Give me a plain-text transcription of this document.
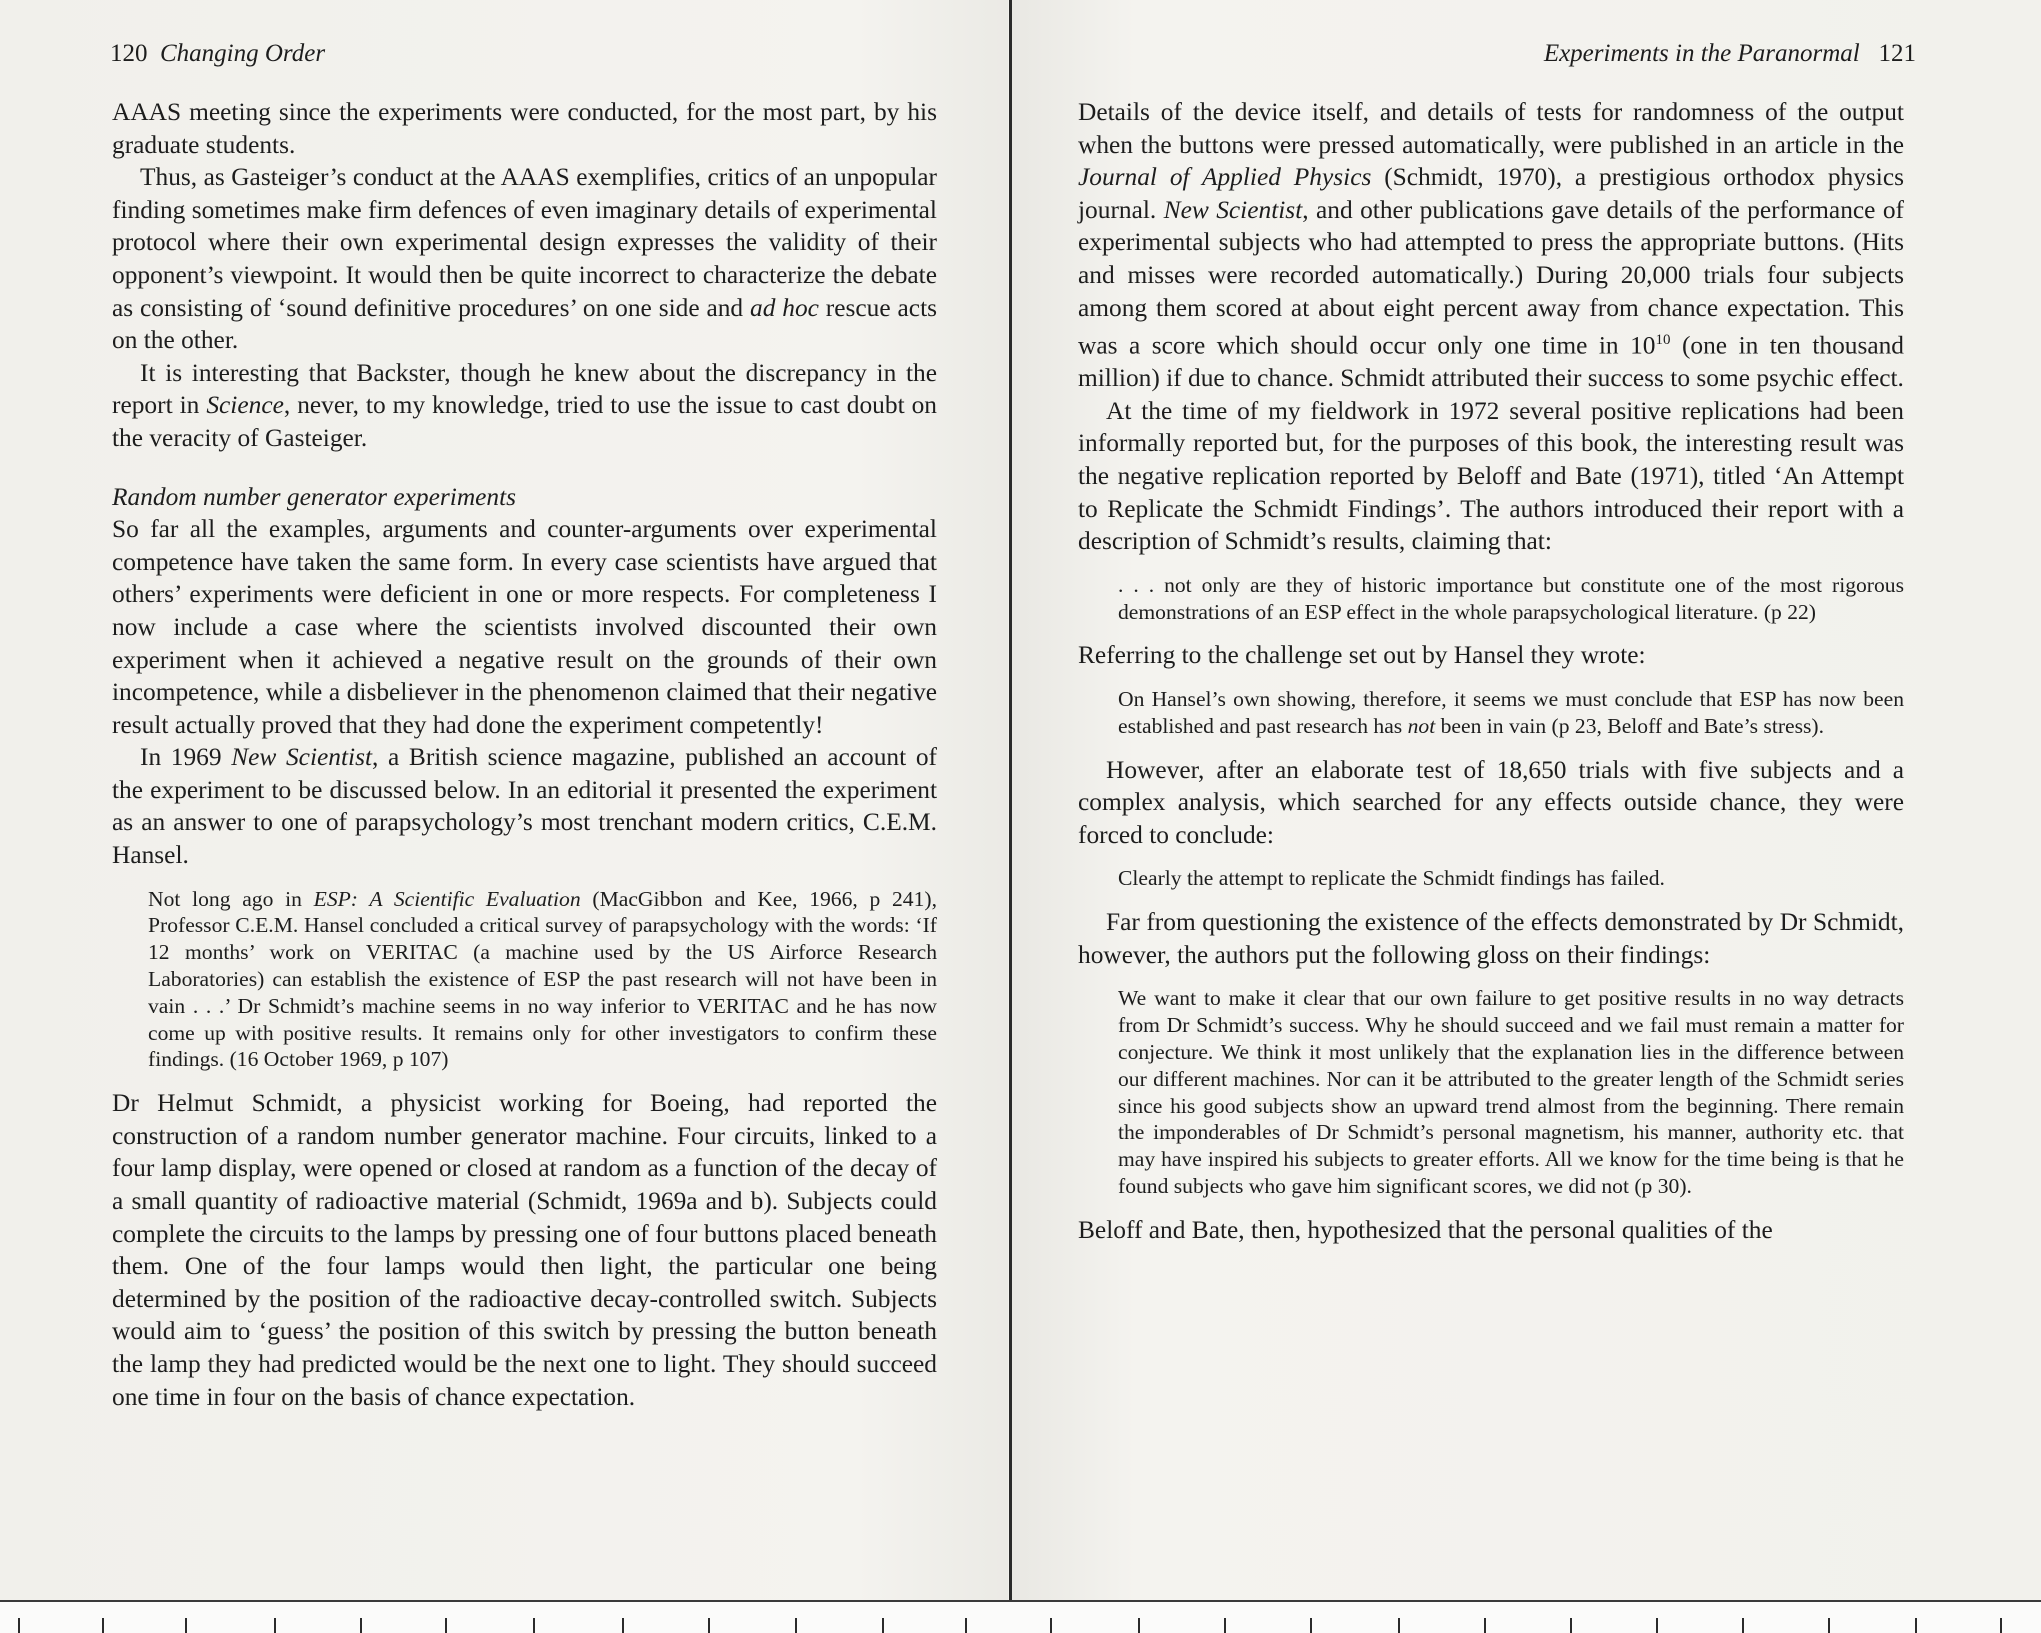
120 Changing Order

AAAS meeting since the experiments were conducted, for the most part, by his graduate students.

Thus, as Gasteiger’s conduct at the AAAS exemplifies, critics of an unpopular finding sometimes make firm defences of even imaginary details of experimental protocol where their own experimental design expresses the validity of their opponent’s viewpoint. It would then be quite incorrect to characterize the debate as consisting of ‘sound definitive procedures’ on one side and ad hoc rescue acts on the other.

It is interesting that Backster, though he knew about the discrepancy in the report in Science, never, to my knowledge, tried to use the issue to cast doubt on the veracity of Gasteiger.

Random number generator experiments

So far all the examples, arguments and counter-arguments over experimental competence have taken the same form. In every case scientists have argued that others’ experiments were deficient in one or more respects. For completeness I now include a case where the scientists involved discounted their own experiment when it achieved a negative result on the grounds of their own incompetence, while a disbeliever in the phenomenon claimed that their negative result actually proved that they had done the experiment competently!

In 1969 New Scientist, a British science magazine, published an account of the experiment to be discussed below. In an editorial it presented the experiment as an answer to one of parapsychology’s most trenchant modern critics, C.E.M. Hansel.

Not long ago in ESP: A Scientific Evaluation (MacGibbon and Kee, 1966, p 241), Professor C.E.M. Hansel concluded a critical survey of parapsychology with the words: ‘If 12 months’ work on VERITAC (a machine used by the US Airforce Research Laboratories) can establish the existence of ESP the past research will not have been in vain . . .’ Dr Schmidt’s machine seems in no way inferior to VERITAC and he has now come up with positive results. It remains only for other investigators to confirm these findings. (16 October 1969, p 107)

Dr Helmut Schmidt, a physicist working for Boeing, had reported the construction of a random number generator machine. Four circuits, linked to a four lamp display, were opened or closed at random as a function of the decay of a small quantity of radioactive material (Schmidt, 1969a and b). Subjects could complete the circuits to the lamps by pressing one of four buttons placed beneath them. One of the four lamps would then light, the particular one being determined by the position of the radioactive decay-controlled switch. Subjects would aim to ‘guess’ the position of this switch by pressing the button beneath the lamp they had predicted would be the next one to light. They should succeed one time in four on the basis of chance expectation.

Experiments in the Paranormal 121

Details of the device itself, and details of tests for randomness of the output when the buttons were pressed automatically, were published in an article in the Journal of Applied Physics (Schmidt, 1970), a prestigious orthodox physics journal. New Scientist, and other publications gave details of the performance of experimental subjects who had attempted to press the appropriate buttons. (Hits and misses were recorded automatically.) During 20,000 trials four subjects among them scored at about eight percent away from chance expectation. This was a score which should occur only one time in $10^{10}$ (one in ten thousand million) if due to chance. Schmidt attributed their success to some psychic effect.

At the time of my fieldwork in 1972 several positive replications had been informally reported but, for the purposes of this book, the interesting result was the negative replication reported by Beloff and Bate (1971), titled ‘An Attempt to Replicate the Schmidt Findings’. The authors introduced their report with a description of Schmidt’s results, claiming that:

. . . not only are they of historic importance but constitute one of the most rigorous demonstrations of an ESP effect in the whole parapsychological literature. (p 22)

Referring to the challenge set out by Hansel they wrote:

On Hansel’s own showing, therefore, it seems we must conclude that ESP has now been established and past research has not been in vain (p 23, Beloff and Bate’s stress).

However, after an elaborate test of 18,650 trials with five subjects and a complex analysis, which searched for any effects outside chance, they were forced to conclude:

Clearly the attempt to replicate the Schmidt findings has failed.

Far from questioning the existence of the effects demonstrated by Dr Schmidt, however, the authors put the following gloss on their findings:

We want to make it clear that our own failure to get positive results in no way detracts from Dr Schmidt’s success. Why he should succeed and we fail must remain a matter for conjecture. We think it most unlikely that the explanation lies in the difference between our different machines. Nor can it be attributed to the greater length of the Schmidt series since his good subjects show an upward trend almost from the beginning. There remain the imponderables of Dr Schmidt’s personal magnetism, his manner, authority etc. that may have inspired his subjects to greater efforts. All we know for the time being is that he found subjects who gave him significant scores, we did not (p 30).

Beloff and Bate, then, hypothesized that the personal qualities of the
